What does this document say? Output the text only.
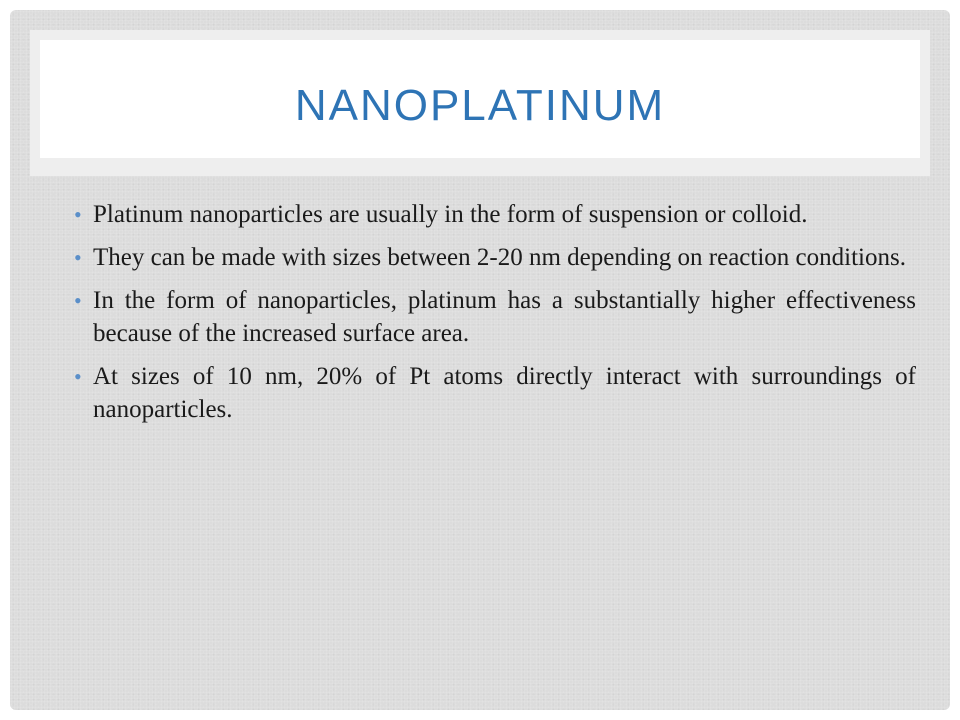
NANOPLATINUM
• Platinum nanoparticles are usually in the form of suspension or colloid.
• They can be made with sizes between 2-20 nm depending on reaction conditions.
• In the form of nanoparticles, platinum has a substantially higher effectiveness because of the increased surface area.
• At sizes of 10 nm, 20% of Pt atoms directly interact with surroundings of nanoparticles.
